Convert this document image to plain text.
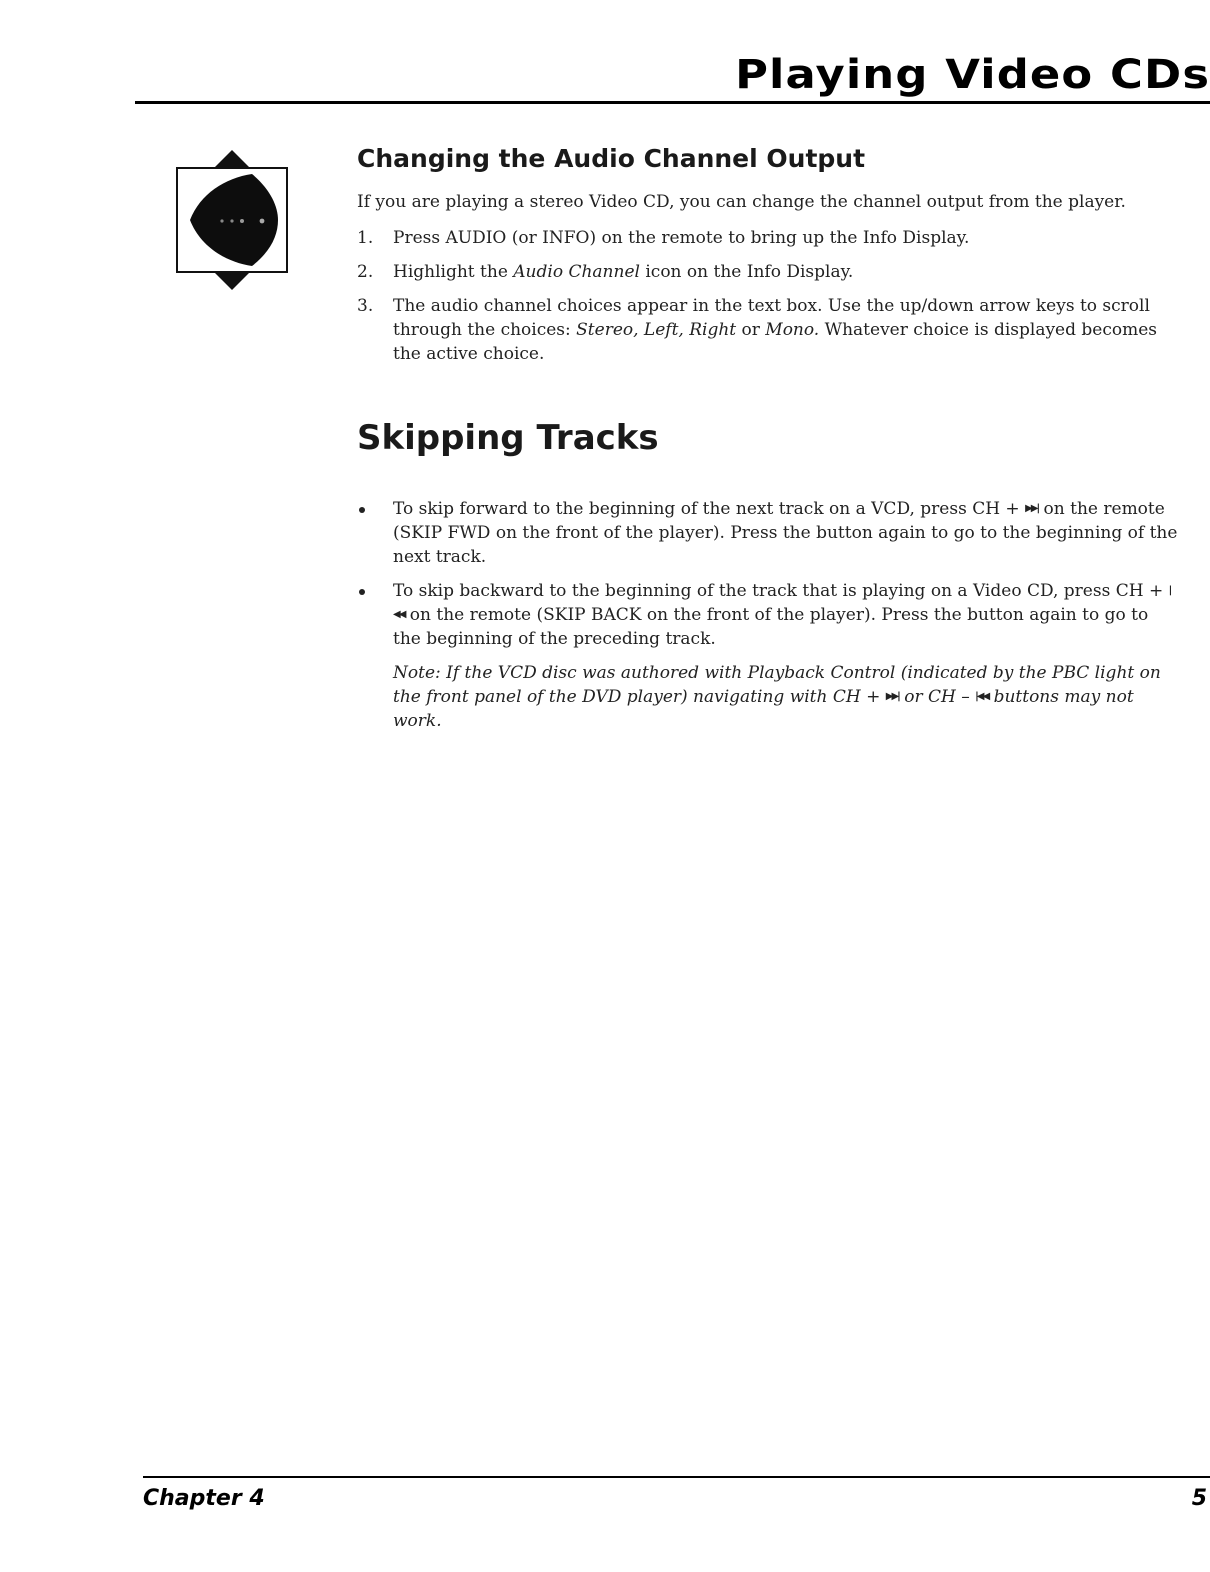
Playing Video CDs
Changing the Audio Channel Output
If you are playing a stereo Video CD, you can change the channel output from the player.
1. Press AUDIO (or INFO) on the remote to bring up the Info Display.
2. Highlight the Audio Channel icon on the Info Display.
3. The audio channel choices appear in the text box. Use the up/down arrow keys to scroll through the choices: Stereo, Left, Right or Mono. Whatever choice is displayed becomes the active choice.
Skipping Tracks
To skip forward to the beginning of the next track on a VCD, press CH + ▶▶| on the remote (SKIP FWD on the front of the player). Press the button again to go to the beginning of the next track.
To skip backward to the beginning of the track that is playing on a Video CD, press CH + |◀◀ on the remote (SKIP BACK on the front of the player). Press the button again to go to the beginning of the preceding track.
Note: If the VCD disc was authored with Playback Control (indicated by the PBC light on the front panel of the DVD player) navigating with CH + ▶▶| or CH – |◀◀ buttons may not work.
Chapter 4	5
